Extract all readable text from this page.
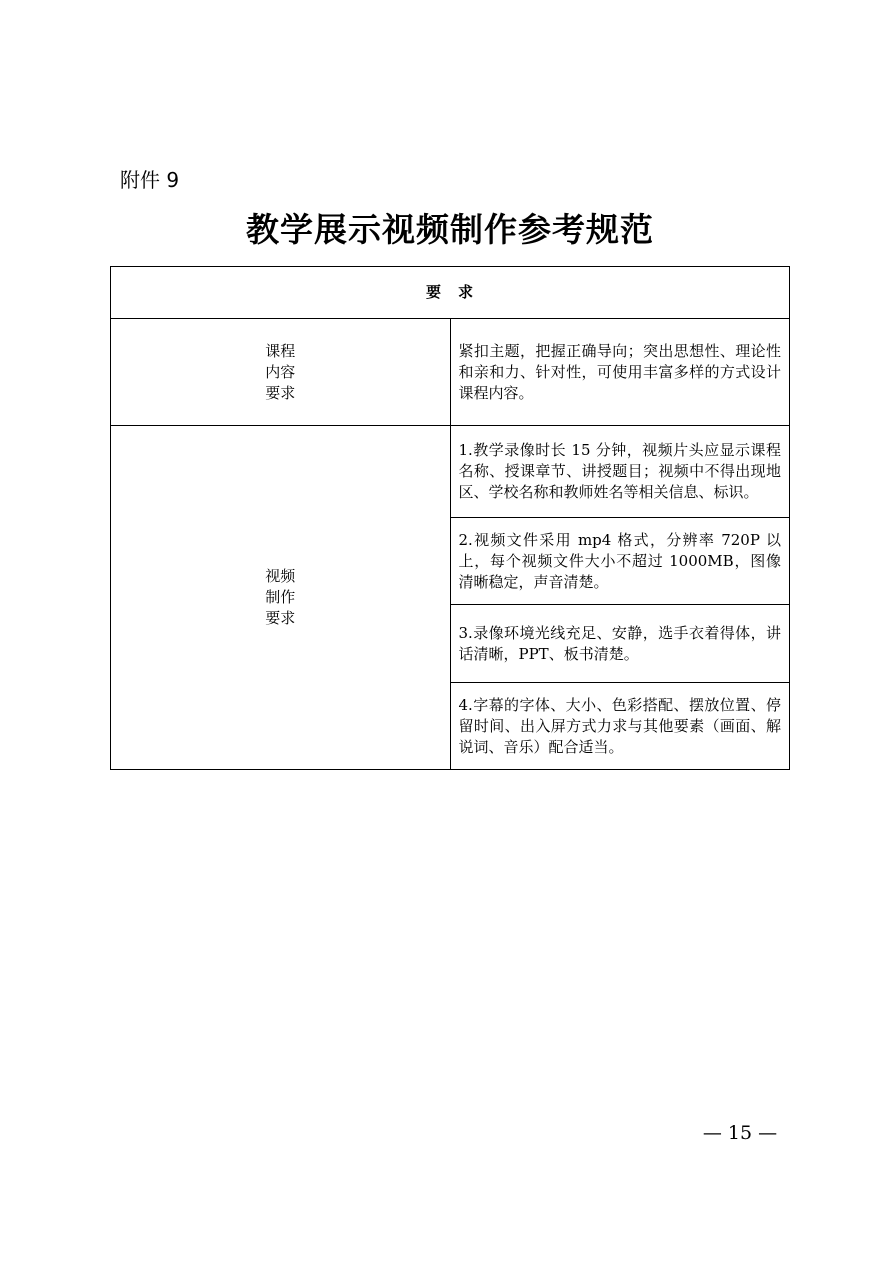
附件 9
教学展示视频制作参考规范
要　求	

课程
内容
要求	紧扣主题，把握正确导向；突出思想性、理论性和亲和力、针对性，可使用丰富多样的方式设计课程内容。

视频
制作
要求	1.教学录像时长 15 分钟，视频片头应显示课程名称、授课章节、讲授题目；视频中不得出现地区、学校名称和教师姓名等相关信息、标识。
	2.视频文件采用 mp4 格式，分辨率 720P 以上，每个视频文件大小不超过 1000MB，图像清晰稳定，声音清楚。
	3.录像环境光线充足、安静，选手衣着得体，讲话清晰，PPT、板书清楚。
	4.字幕的字体、大小、色彩搭配、摆放位置、停留时间、出入屏方式力求与其他要素（画面、解说词、音乐）配合适当。
— 15 —
